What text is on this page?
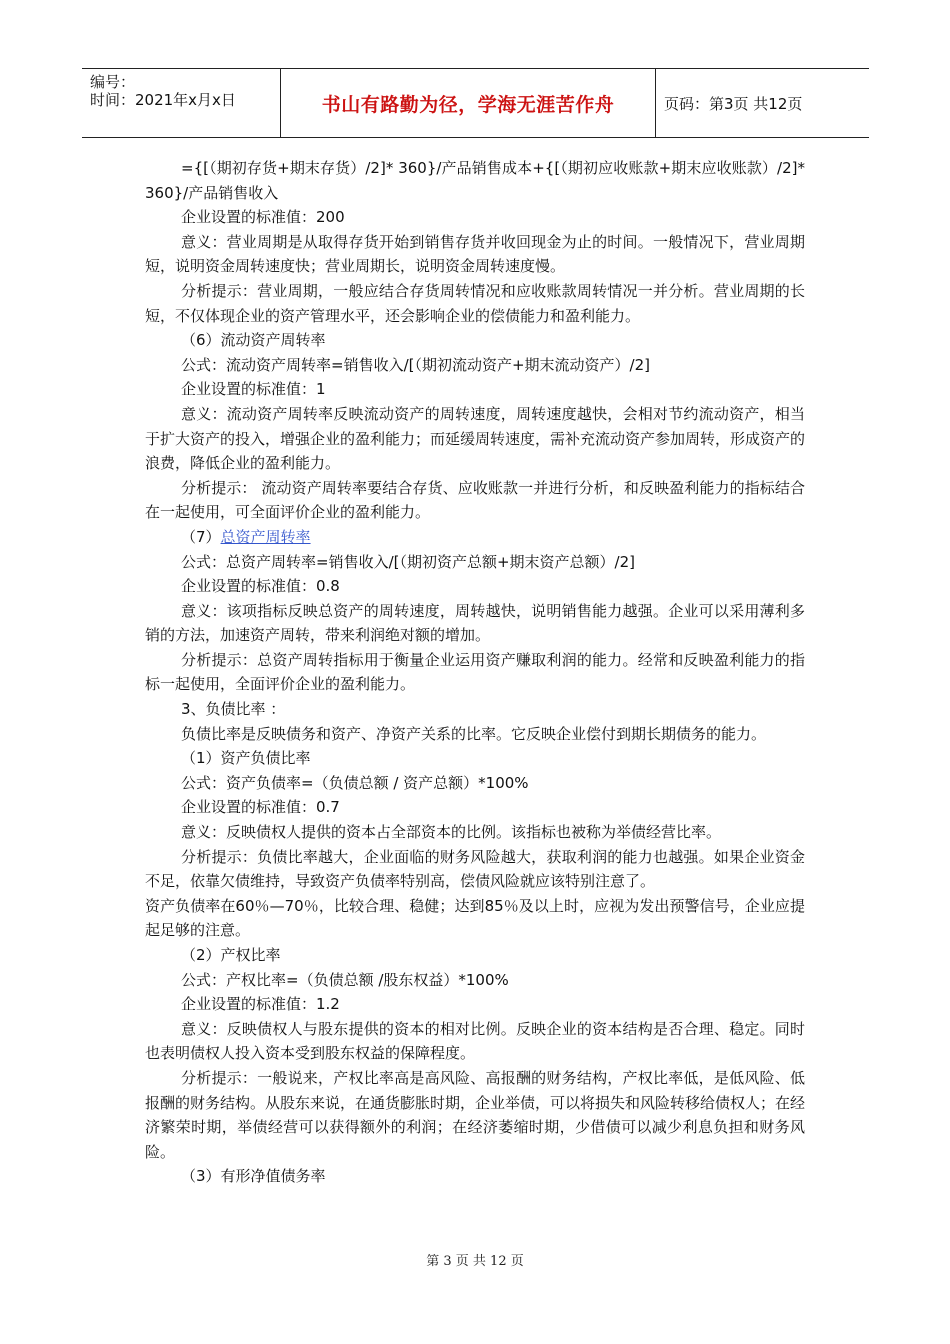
编号：
时间：2021年x月x日	书山有路勤为径，学海无涯苦作舟	页码：第3页 共12页

={[（期初存货+期末存货）/2]* 360}/产品销售成本+{[（期初应收账款+期末应收账款）/2]* 360}/产品销售收入

企业设置的标准值：200

意义：营业周期是从取得存货开始到销售存货并收回现金为止的时间。一般情况下，营业周期短，说明资金周转速度快；营业周期长，说明资金周转速度慢。

分析提示：营业周期，一般应结合存货周转情况和应收账款周转情况一并分析。营业周期的长短，不仅体现企业的资产管理水平，还会影响企业的偿债能力和盈利能力。

（6）流动资产周转率

公式：流动资产周转率=销售收入/[（期初流动资产+期末流动资产）/2]

企业设置的标准值：1

意义：流动资产周转率反映流动资产的周转速度，周转速度越快，会相对节约流动资产，相当于扩大资产的投入，增强企业的盈利能力；而延缓周转速度，需补充流动资产参加周转，形成资产的浪费，降低企业的盈利能力。

分析提示： 流动资产周转率要结合存货、应收账款一并进行分析，和反映盈利能力的指标结合在一起使用，可全面评价企业的盈利能力。

（7）总资产周转率

公式：总资产周转率=销售收入/[（期初资产总额+期末资产总额）/2]

企业设置的标准值：0.8

意义：该项指标反映总资产的周转速度，周转越快，说明销售能力越强。企业可以采用薄利多销的方法，加速资产周转，带来利润绝对额的增加。

分析提示：总资产周转指标用于衡量企业运用资产赚取利润的能力。经常和反映盈利能力的指标一起使用，全面评价企业的盈利能力。

3、负债比率 ：

负债比率是反映债务和资产、净资产关系的比率。它反映企业偿付到期长期债务的能力。

（1）资产负债比率

公式：资产负债率=（负债总额 / 资产总额）*100%

企业设置的标准值：0.7

意义：反映债权人提供的资本占全部资本的比例。该指标也被称为举债经营比率。

分析提示：负债比率越大，企业面临的财务风险越大，获取利润的能力也越强。如果企业资金不足，依靠欠债维持，导致资产负债率特别高，偿债风险就应该特别注意了。

资产负债率在60％—70％，比较合理、稳健；达到85％及以上时，应视为发出预警信号，企业应提起足够的注意。

（2）产权比率

公式：产权比率=（负债总额 /股东权益）*100%

企业设置的标准值：1.2

意义：反映债权人与股东提供的资本的相对比例。反映企业的资本结构是否合理、稳定。同时也表明债权人投入资本受到股东权益的保障程度。

分析提示：一般说来，产权比率高是高风险、高报酬的财务结构，产权比率低，是低风险、低报酬的财务结构。从股东来说，在通货膨胀时期，企业举债，可以将损失和风险转移给债权人；在经济繁荣时期，举债经营可以获得额外的利润；在经济萎缩时期，少借债可以减少利息负担和财务风险。

（3）有形净值债务率

第 3 页 共 12 页
